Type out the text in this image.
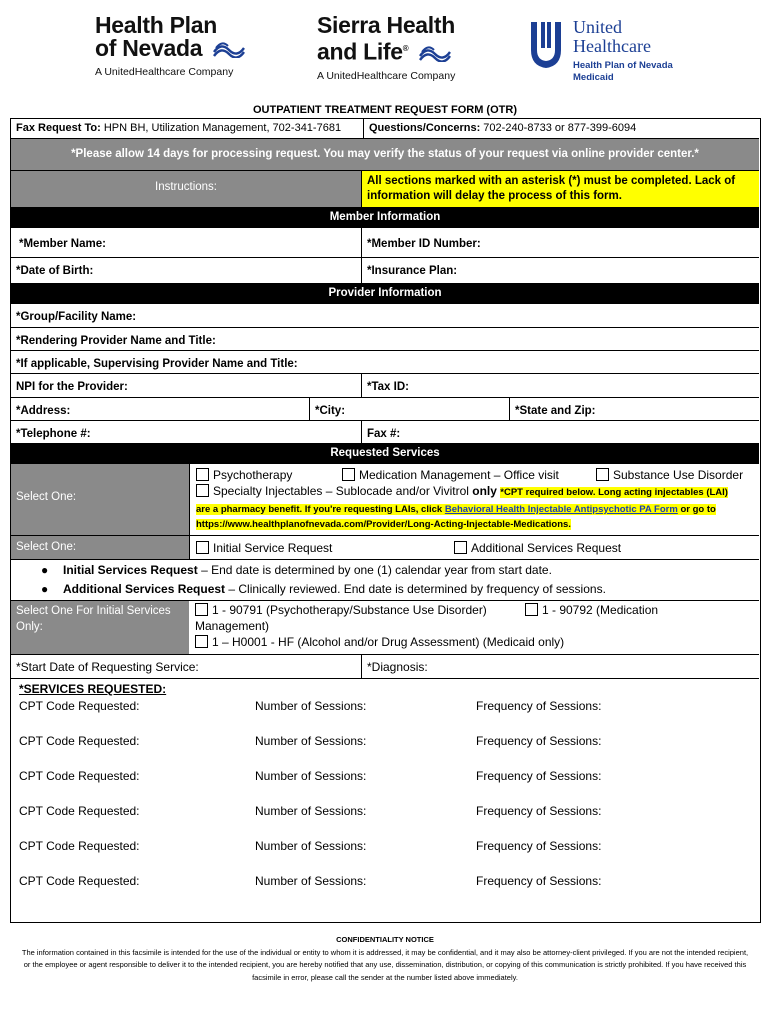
Health Plan
of Nevada
A UnitedHealthcare Company
Sierra Health
and Life®
A UnitedHealthcare Company
United
Healthcare
Health Plan of Nevada
Medicaid
OUTPATIENT TREATMENT REQUEST FORM (OTR)
Fax Request To: HPN BH, Utilization Management, 702-341-7681	Questions/Concerns: 702-240-8733 or 877-399-6094
*Please allow 14 days for processing request. You may verify the status of your request via online provider center.*
Instructions:	All sections marked with an asterisk (*) must be completed. Lack of information will delay the process of this form.
Member Information
*Member Name:	*Member ID Number:
*Date of Birth:	*Insurance Plan:
Provider Information
*Group/Facility Name:
*Rendering Provider Name and Title:
*If applicable, Supervising Provider Name and Title:
NPI for the Provider:	*Tax ID:
*Address:	*City:	*State and Zip:
*Telephone #:	Fax #:
Requested Services
Select One:
Psychotherapy	Medication Management – Office visit	Substance Use Disorder
Specialty Injectables – Sublocade and/or Vivitrol only *CPT required below. Long acting injectables (LAI)
are a pharmacy benefit. If you're requesting LAIs, click Behavioral Health Injectable Antipsychotic PA Form or go to
https://www.healthplanofnevada.com/Provider/Long-Acting-Injectable-Medications.
Select One:	Initial Service Request	Additional Services Request
● Initial Services Request – End date is determined by one (1) calendar year from start date.
● Additional Services Request – Clinically reviewed. End date is determined by frequency of sessions.
Select One For Initial Services Only:
1 - 90791 (Psychotherapy/Substance Use Disorder)	1 - 90792 (Medication
Management)
1 – H0001 - HF (Alcohol and/or Drug Assessment) (Medicaid only)
*Start Date of Requesting Service:	*Diagnosis:
*SERVICES REQUESTED:
CPT Code Requested:	Number of Sessions:	Frequency of Sessions:
CPT Code Requested:	Number of Sessions:	Frequency of Sessions:
CPT Code Requested:	Number of Sessions:	Frequency of Sessions:
CPT Code Requested:	Number of Sessions:	Frequency of Sessions:
CPT Code Requested:	Number of Sessions:	Frequency of Sessions:
CPT Code Requested:	Number of Sessions:	Frequency of Sessions:
CONFIDENTIALITY NOTICE
The information contained in this facsimile is intended for the use of the individual or entity to whom it is addressed, it may be confidential, and it may also be attorney-client privileged. If you are not the intended recipient, or the employee or agent responsible to deliver it to the intended recipient, you are hereby notified that any use, dissemination, distribution, or copying of this communication is strictly prohibited. If you have received this facsimile in error, please call the sender at the number listed above immediately.
